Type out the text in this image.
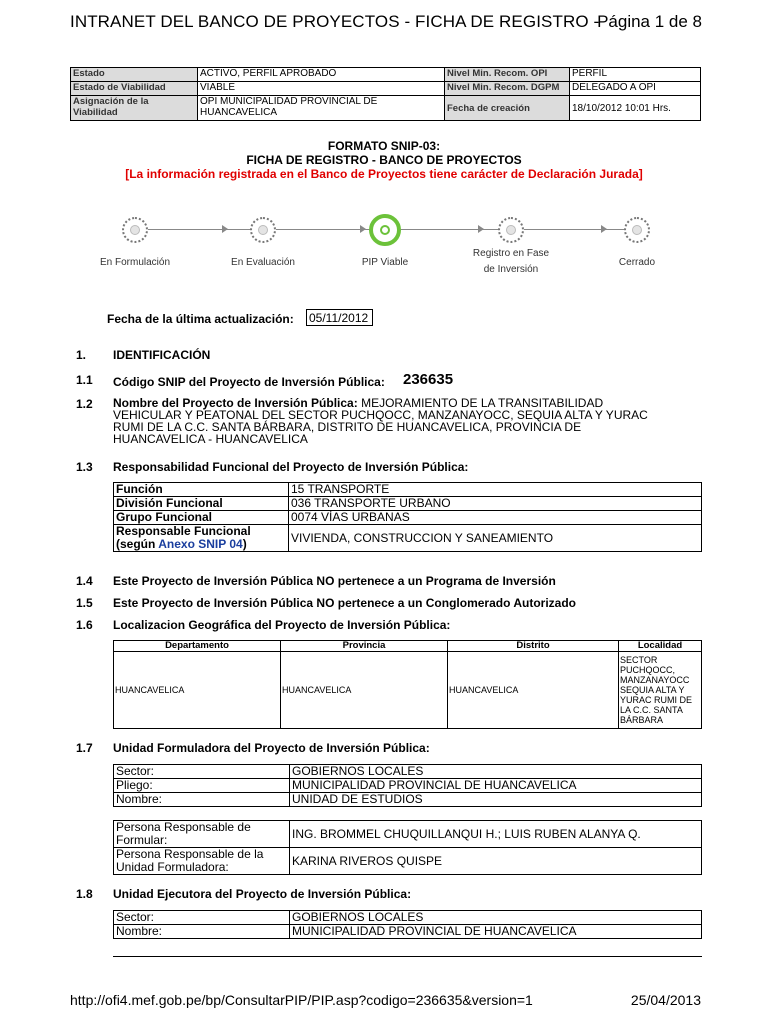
INTRANET DEL BANCO DE PROYECTOS - FICHA DE REGISTRO -
Página 1 de 8
Estado	ACTIVO, PERFIL APROBADO	Nivel Min. Recom. OPI	PERFIL
Estado de Viabilidad	VIABLE	Nivel Min. Recom. DGPM	DELEGADO A OPI
Asignación de la Viabilidad	OPI MUNICIPALIDAD PROVINCIAL DE HUANCAVELICA	Fecha de creación	18/10/2012 10:01 Hrs.
FORMATO SNIP-03:
FICHA DE REGISTRO - BANCO DE PROYECTOS
[La información registrada en el Banco de Proyectos tiene carácter de Declaración Jurada]
En Formulación	En Evaluación	PIP Viable
Registro en Fase
de Inversión
Cerrado
Fecha de la última actualización: 05/11/2012
1. IDENTIFICACIÓN
1.1 Código SNIP del Proyecto de Inversión Pública: 236635
1.2 Nombre del Proyecto de Inversión Pública: MEJORAMIENTO DE LA TRANSITABILIDAD VEHICULAR Y PEATONAL DEL SECTOR PUCHQOCC, MANZANAYOCC, SEQUIA ALTA Y YURAC RUMI DE LA C.C. SANTA BÁRBARA, DISTRITO DE HUANCAVELICA, PROVINCIA DE HUANCAVELICA - HUANCAVELICA
1.3 Responsabilidad Funcional del Proyecto de Inversión Pública:
Función	15 TRANSPORTE
División Funcional	036 TRANSPORTE URBANO
Grupo Funcional	0074 VÍAS URBANAS
Responsable Funcional
(según Anexo SNIP 04)	VIVIENDA, CONSTRUCCION Y SANEAMIENTO
1.4 Este Proyecto de Inversión Pública NO pertenece a un Programa de Inversión
1.5 Este Proyecto de Inversión Pública NO pertenece a un Conglomerado Autorizado
1.6 Localizacion Geográfica del Proyecto de Inversión Pública:
Departamento	Provincia	Distrito	Localidad
HUANCAVELICA	HUANCAVELICA	HUANCAVELICA	SECTOR PUCHQOCC, MANZANAYOCC SEQUIA ALTA Y YURAC RUMI DE LA C.C. SANTA BÁRBARA
1.7 Unidad Formuladora del Proyecto de Inversión Pública:
Sector:	GOBIERNOS LOCALES
Pliego:	MUNICIPALIDAD PROVINCIAL DE HUANCAVELICA
Nombre:	UNIDAD DE ESTUDIOS
Persona Responsable de Formular:	ING. BROMMEL CHUQUILLANQUI H.; LUIS RUBEN ALANYA Q.
Persona Responsable de la Unidad Formuladora:	KARINA RIVEROS QUISPE
1.8 Unidad Ejecutora del Proyecto de Inversión Pública:
Sector:	GOBIERNOS LOCALES
Nombre:	MUNICIPALIDAD PROVINCIAL DE HUANCAVELICA
http://ofi4.mef.gob.pe/bp/ConsultarPIP/PIP.asp?codigo=236635&version=1	25/04/2013
